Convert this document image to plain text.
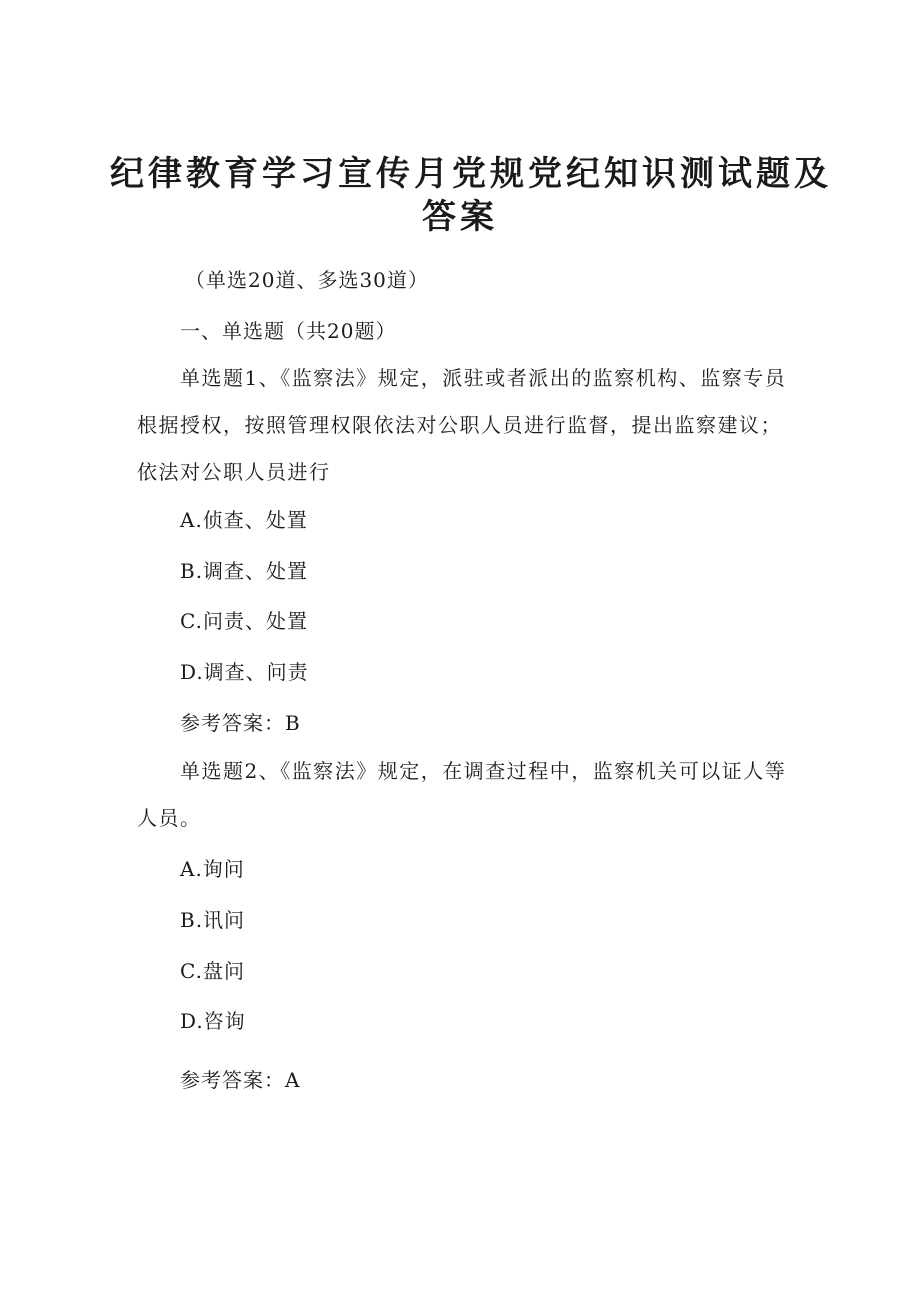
纪律教育学习宣传月党规党纪知识测试题及
答案
（单选20道、多选30道）
一、单选题（共20题）

单选题1、《监察法》规定，派驻或者派出的监察机构、监察专员根据授权，按照管理权限依法对公职人员进行监督，提出监察建议；依法对公职人员进行

A.侦查、处置
B.调查、处置
C.问责、处置
D.调查、问责
参考答案：B

单选题2、《监察法》规定，在调查过程中，监察机关可以证人等人员。

A.询问
B.讯问
C.盘问
D.咨询
参考答案：A
